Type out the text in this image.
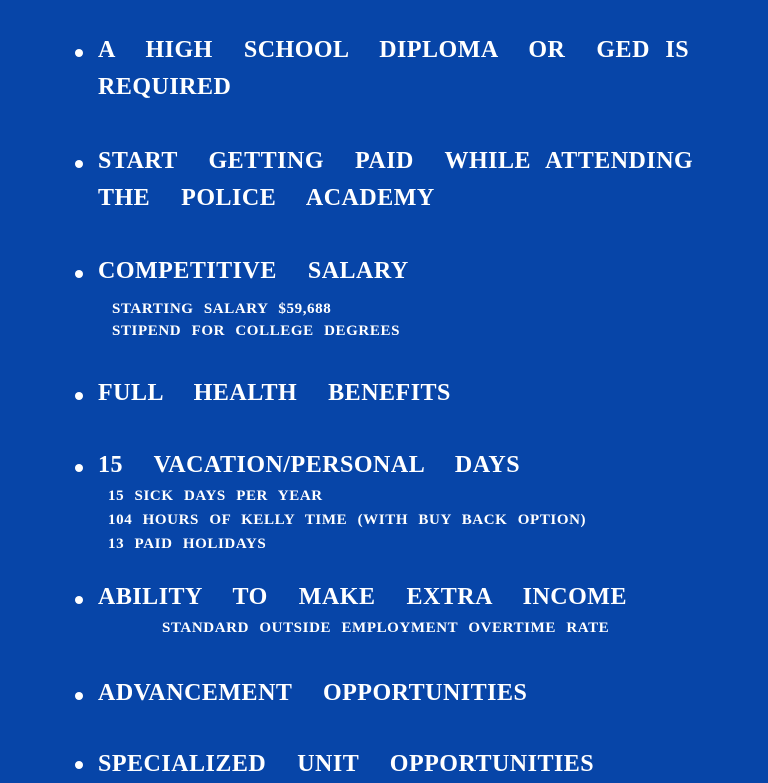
A  HIGH  SCHOOL  DIPLOMA  OR  GED IS
REQUIRED
START  GETTING  PAID  WHILE ATTENDING
THE  POLICE  ACADEMY
COMPETITIVE  SALARY
STARTING SALARY $59,688
STIPEND FOR COLLEGE DEGREES
FULL  HEALTH  BENEFITS
15  VACATION/PERSONAL  DAYS
15 SICK DAYS PER YEAR
104 HOURS OF KELLY TIME (WITH BUY BACK OPTION)
13 PAID HOLIDAYS
ABILITY  TO  MAKE  EXTRA  INCOME
STANDARD OUTSIDE EMPLOYMENT OVERTIME RATE
ADVANCEMENT  OPPORTUNITIES
SPECIALIZED  UNIT  OPPORTUNITIES
